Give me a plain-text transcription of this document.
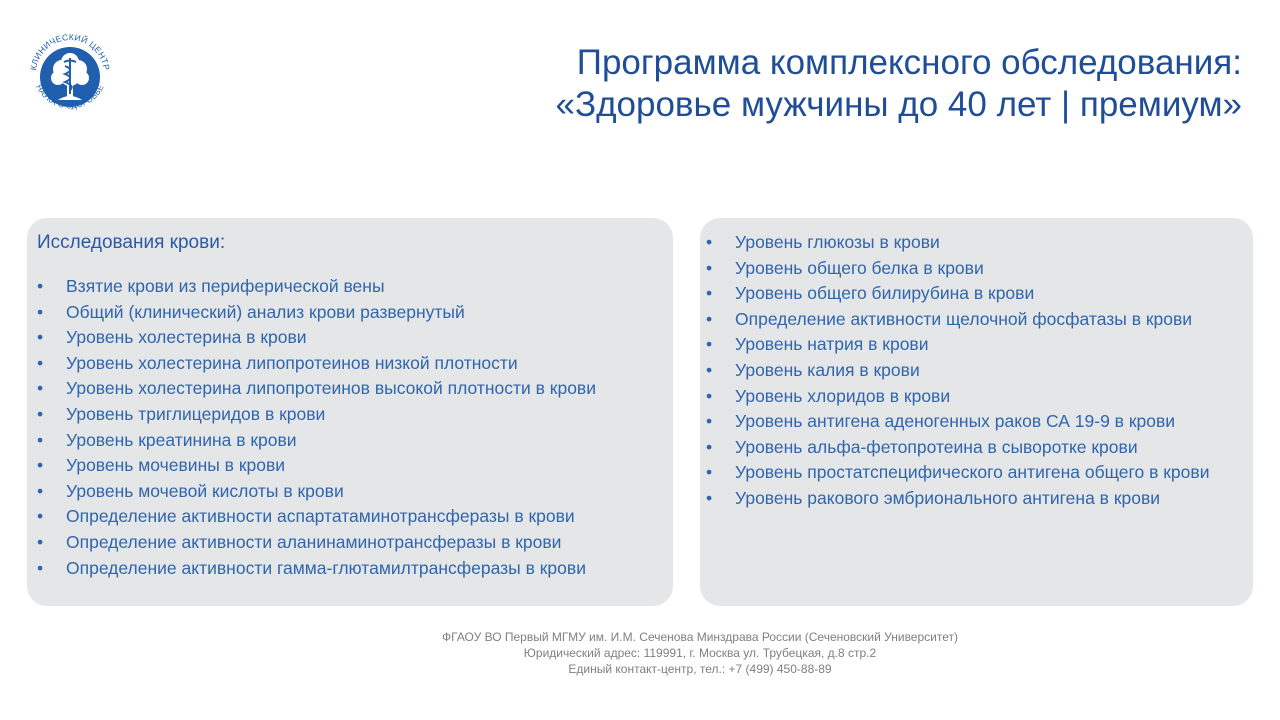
КЛИНИЧЕСКИЙ ЦЕНТР
НАУКА О ЗДОРОВЬЕ
Программа комплексного обследования:
«Здоровье мужчины до 40 лет | премиум»
Исследования крови:
• Взятие крови из периферической вены
• Общий (клинический) анализ крови развернутый
• Уровень холестерина в крови
• Уровень холестерина липопротеинов низкой плотности
• Уровень холестерина липопротеинов высокой плотности в крови
• Уровень триглицеридов в крови
• Уровень креатинина в крови
• Уровень мочевины в крови
• Уровень мочевой кислоты в крови
• Определение активности аспартатаминотрансферазы в крови
• Определение активности аланинаминотрансферазы в крови
• Определение активности гамма-глютамилтрансферазы в крови
• Уровень глюкозы в крови
• Уровень общего белка в крови
• Уровень общего билирубина в крови
• Определение активности щелочной фосфатазы в крови
• Уровень натрия в крови
• Уровень калия в крови
• Уровень хлоридов в крови
• Уровень антигена аденогенных раков СА 19-9 в крови
• Уровень альфа-фетопротеина в сыворотке крови
• Уровень простатспецифического антигена общего в крови
• Уровень ракового эмбрионального антигена в крови
ФГАОУ ВО Первый МГМУ им. И.М. Сеченова Минздрава России (Сеченовский Университет)
Юридический адрес: 119991, г. Москва ул. Трубецкая, д.8 стр.2
Единый контакт-центр, тел.: +7 (499) 450-88-89
